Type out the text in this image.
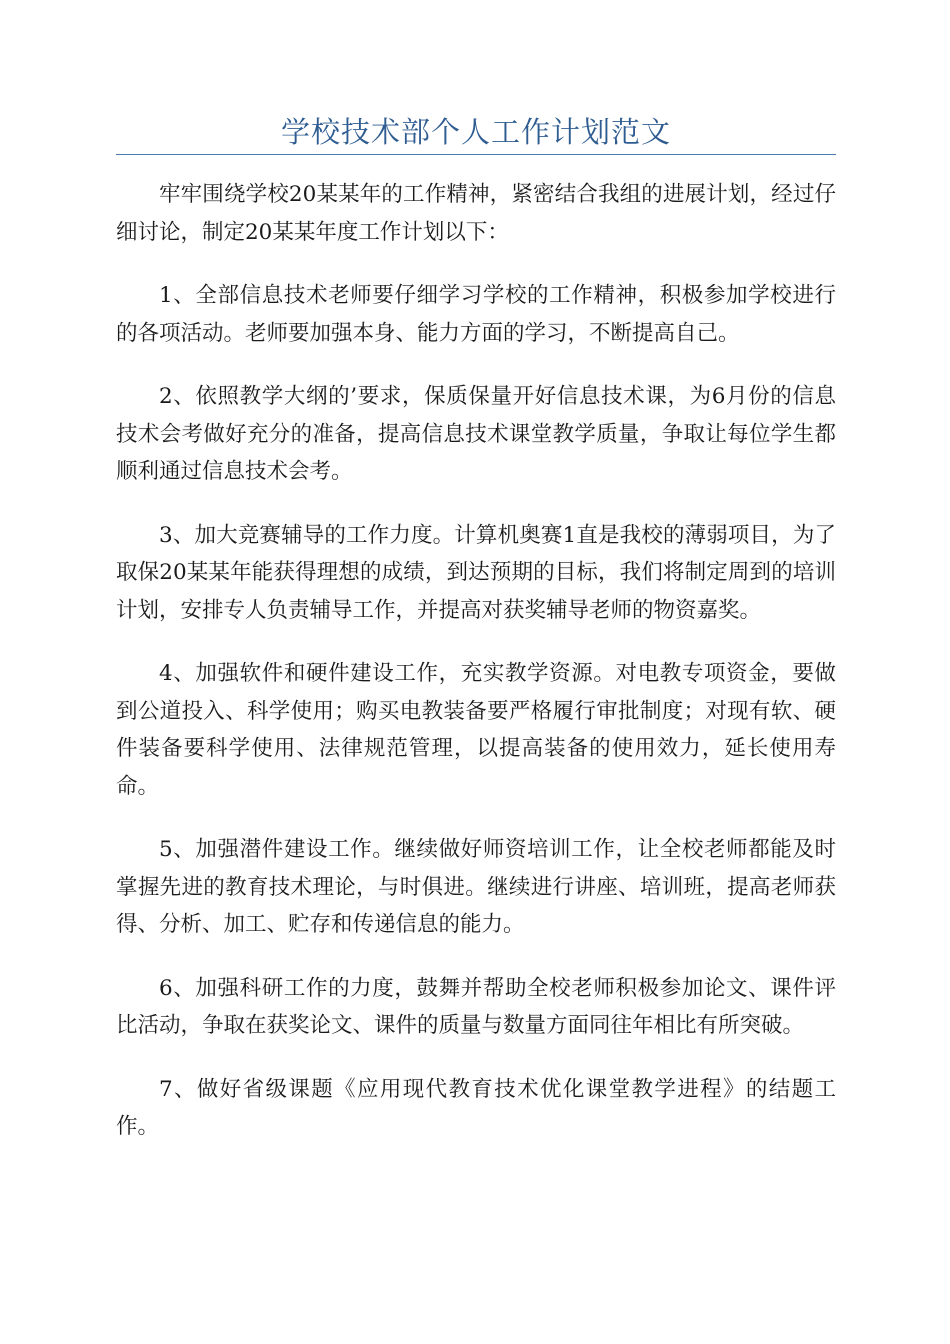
学校技术部个人工作计划范文

牢牢围绕学校20某某年的工作精神，紧密结合我组的进展计划，经过仔细讨论，制定20某某年度工作计划以下：

1、全部信息技术老师要仔细学习学校的工作精神，积极参加学校进行的各项活动。老师要加强本身、能力方面的学习，不断提高自己。

2、依照教学大纲的’要求，保质保量开好信息技术课，为6月份的信息技术会考做好充分的准备，提高信息技术课堂教学质量，争取让每位学生都顺利通过信息技术会考。

3、加大竞赛辅导的工作力度。计算机奥赛1直是我校的薄弱项目，为了取保20某某年能获得理想的成绩，到达预期的目标，我们将制定周到的培训计划，安排专人负责辅导工作，并提高对获奖辅导老师的物资嘉奖。

4、加强软件和硬件建设工作，充实教学资源。对电教专项资金，要做到公道投入、科学使用；购买电教装备要严格履行审批制度；对现有软、硬件装备要科学使用、法律规范管理，以提高装备的使用效力，延长使用寿命。

5、加强潜件建设工作。继续做好师资培训工作，让全校老师都能及时掌握先进的教育技术理论，与时俱进。继续进行讲座、培训班，提高老师获得、分析、加工、贮存和传递信息的能力。

6、加强科研工作的力度，鼓舞并帮助全校老师积极参加论文、课件评比活动，争取在获奖论文、课件的质量与数量方面同往年相比有所突破。

7、做好省级课题《应用现代教育技术优化课堂教学进程》的结题工作。
